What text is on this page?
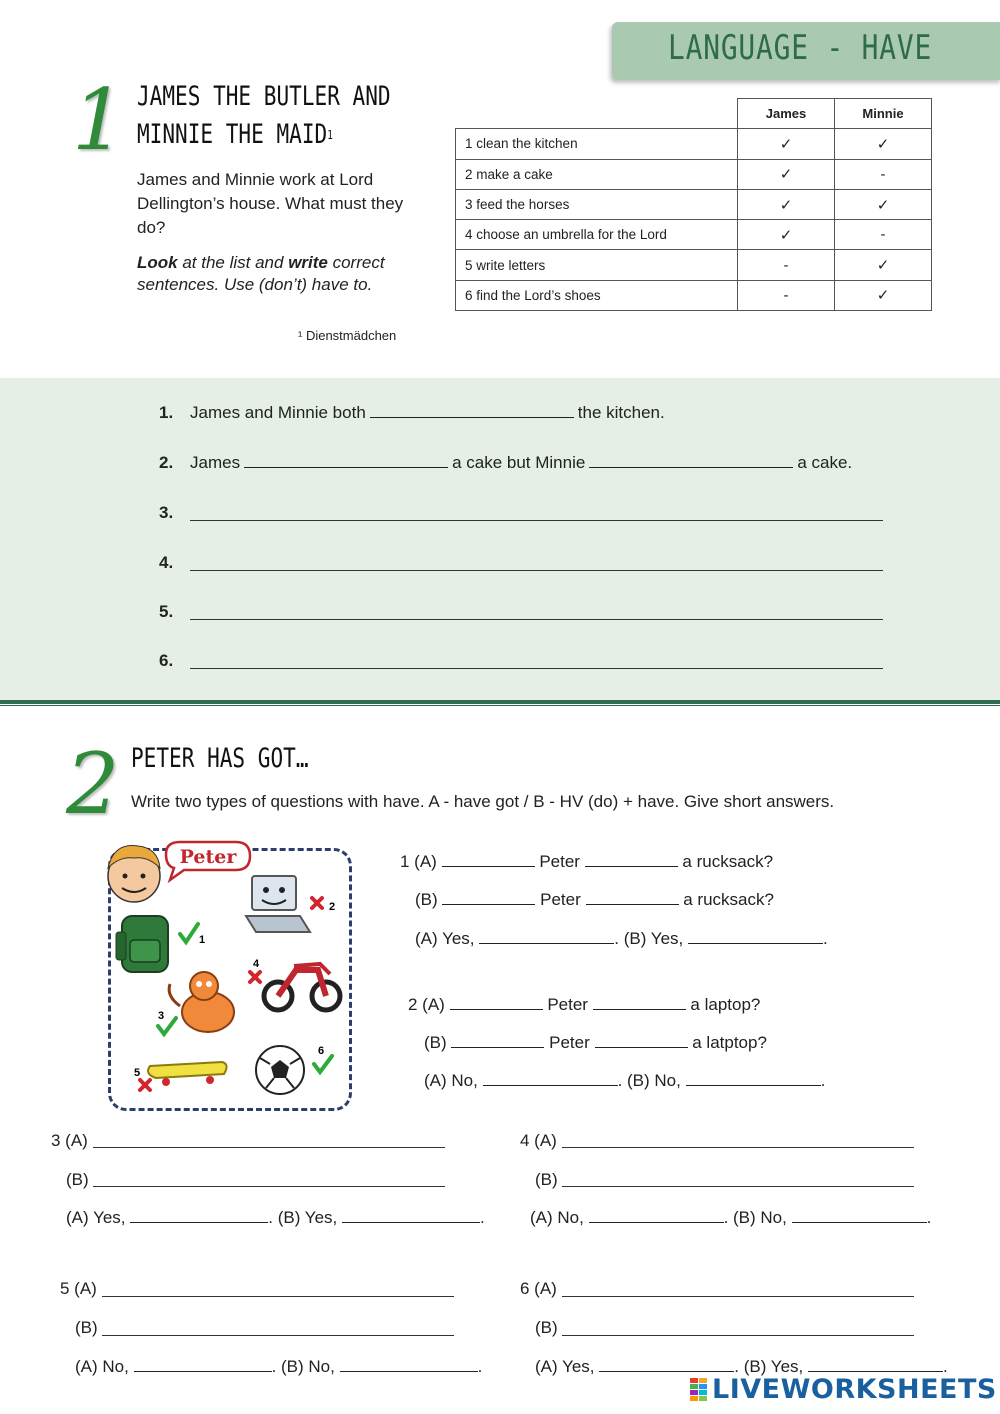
LANGUAGE - HAVE
1 JAMES THE BUTLER AND
MINNIE THE MAID$^1$
James and Minnie work at Lord Dellington’s house. What must they do?
Look at the list and write correct sentences. Use (don’t) have to.
¹ Dienstmädchen
	James	Minnie
1 clean the kitchen	✓	✓
2 make a cake	✓	-
3 feed the horses	✓	✓
4 choose an umbrella for the Lord	✓	-
5 write letters	-	✓
6 find the Lord’s shoes	-	✓
1. James and Minnie both	the kitchen.
2. James	a cake but Minnie	a cake.
3.
4.
5.
6.
2 PETER HAS GOT…
Write two types of questions with have. A - have got / B - HV (do) + have. Give short answers.
Peter
1
2
3
4
5
6
1 (A)	Peter	a rucksack?
(B)	Peter	a rucksack?
(A) Yes,	. (B) Yes,	.
2 (A)	Peter	a laptop?
(B)	Peter	a latptop?
(A) No,	. (B) No,	.
3 (A)
(B)
(A) Yes,	. (B) Yes,	.
4 (A)
(B)
(A) No,	. (B) No,	.
5 (A)
(B)
(A) No,	. (B) No,	.
6 (A)
(B)
(A) Yes,	. (B) Yes,	.
LIVEWORKSHEETS
